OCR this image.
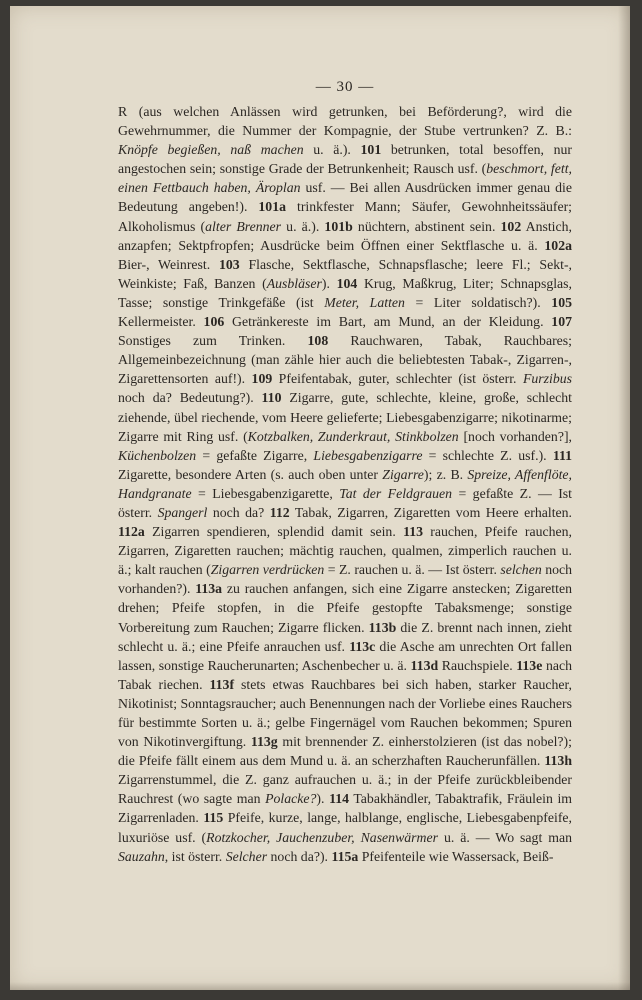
— 30 —

R (aus welchen Anlässen wird getrunken, bei Beförderung?, wird die Gewehrnummer, die Nummer der Kompagnie, der Stube vertrunken? Z. B.: Knöpfe begießen, naß machen u. ä.). 101 betrunken, total besoffen, nur angestochen sein; sonstige Grade der Betrunkenheit; Rausch usf. (beschmort, fett, einen Fettbauch haben, Äroplan usf. — Bei allen Ausdrücken immer genau die Bedeutung angeben!). 101a trinkfester Mann; Säufer, Gewohnheitssäufer; Alkoholismus (alter Brenner u. ä.). 101b nüchtern, abstinent sein. 102 Anstich, anzapfen; Sektpfropfen; Ausdrücke beim Öffnen einer Sektflasche u. ä. 102a Bier-, Weinrest. 103 Flasche, Sektflasche, Schnapsflasche; leere Fl.; Sekt-, Weinkiste; Faß, Banzen (Ausbläser). 104 Krug, Maßkrug, Liter; Schnapsglas, Tasse; sonstige Trinkgefäße (ist Meter, Latten = Liter soldatisch?). 105 Kellermeister. 106 Getränkereste im Bart, am Mund, an der Kleidung. 107 Sonstiges zum Trinken. 108 Rauchwaren, Tabak, Rauchbares; Allgemeinbezeichnung (man zähle hier auch die beliebtesten Tabak-, Zigarren-, Zigarettensorten auf!). 109 Pfeifentabak, guter, schlechter (ist österr. Furzibus noch da? Bedeutung?). 110 Zigarre, gute, schlechte, kleine, große, schlecht ziehende, übel riechende, vom Heere gelieferte; Liebesgabenzigarre; nikotinarme; Zigarre mit Ring usf. (Kotzbalken, Zunderkraut, Stinkbolzen [noch vorhanden?], Küchenbolzen = gefaßte Zigarre, Liebesgabenzigarre = schlechte Z. usf.). 111 Zigarette, besondere Arten (s. auch oben unter Zigarre); z. B. Spreize, Affenflöte, Handgranate = Liebesgabenzigarette, Tat der Feldgrauen = gefaßte Z. — Ist österr. Spangerl noch da? 112 Tabak, Zigarren, Zigaretten vom Heere erhalten. 112a Zigarren spendieren, splendid damit sein. 113 rauchen, Pfeife rauchen, Zigarren, Zigaretten rauchen; mächtig rauchen, qualmen, zimperlich rauchen u. ä.; kalt rauchen (Zigarren verdrücken = Z. rauchen u. ä. — Ist österr. selchen noch vorhanden?). 113a zu rauchen anfangen, sich eine Zigarre anstecken; Zigaretten drehen; Pfeife stopfen, in die Pfeife gestopfte Tabaksmenge; sonstige Vorbereitung zum Rauchen; Zigarre flicken. 113b die Z. brennt nach innen, zieht schlecht u. ä.; eine Pfeife anrauchen usf. 113c die Asche am unrechten Ort fallen lassen, sonstige Raucherunarten; Aschenbecher u. ä. 113d Rauchspiele. 113e nach Tabak riechen. 113f stets etwas Rauchbares bei sich haben, starker Raucher, Nikotinist; Sonntagsraucher; auch Benennungen nach der Vorliebe eines Rauchers für bestimmte Sorten u. ä.; gelbe Fingernägel vom Rauchen bekommen; Spuren von Nikotinvergiftung. 113g mit brennender Z. einherstolzieren (ist das nobel?); die Pfeife fällt einem aus dem Mund u. ä. an scherzhaften Raucherunfällen. 113h Zigarrenstummel, die Z. ganz aufrauchen u. ä.; in der Pfeife zurückbleibender Rauchrest (wo sagte man Polacke?). 114 Tabakhändler, Tabaktrafik, Fräulein im Zigarrenladen. 115 Pfeife, kurze, lange, halblange, englische, Liebesgabenpfeife, luxuriöse usf. (Rotzkocher, Jauchenzuber, Nasenwärmer u. ä. — Wo sagt man Sauzahn, ist österr. Selcher noch da?). 115a Pfeifenteile wie Wassersack, Beiß-
